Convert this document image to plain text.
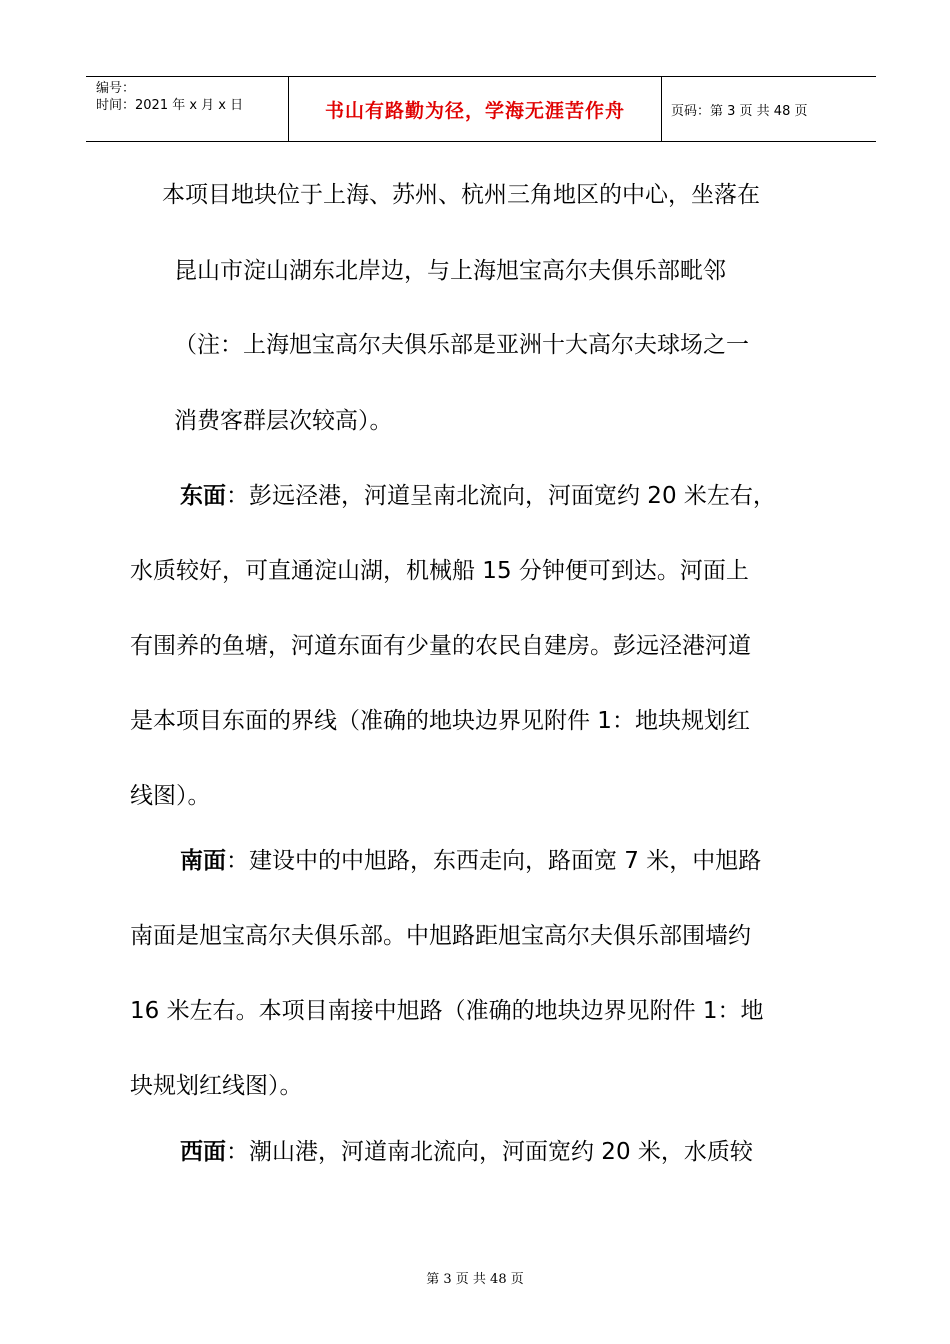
编号：
时间：2021 年 x 月 x 日	书山有路勤为径，学海无涯苦作舟	页码：第 3 页 共 48 页
本项目地块位于上海、苏州、杭州三角地区的中心，坐落在
昆山市淀山湖东北岸边，与上海旭宝高尔夫俱乐部毗邻
（注：上海旭宝高尔夫俱乐部是亚洲十大高尔夫球场之一
消费客群层次较高）。
东面：彭远泾港，河道呈南北流向，河面宽约 20 米左右，
水质较好，可直通淀山湖，机械船 15 分钟便可到达。河面上
有围养的鱼塘，河道东面有少量的农民自建房。彭远泾港河道
是本项目东面的界线（准确的地块边界见附件 1：地块规划红
线图）。
南面：建设中的中旭路，东西走向，路面宽 7 米，中旭路
南面是旭宝高尔夫俱乐部。中旭路距旭宝高尔夫俱乐部围墙约
16 米左右。本项目南接中旭路（准确的地块边界见附件 1：地
块规划红线图）。
西面：潮山港，河道南北流向，河面宽约 20 米，水质较
第 3 页 共 48 页
